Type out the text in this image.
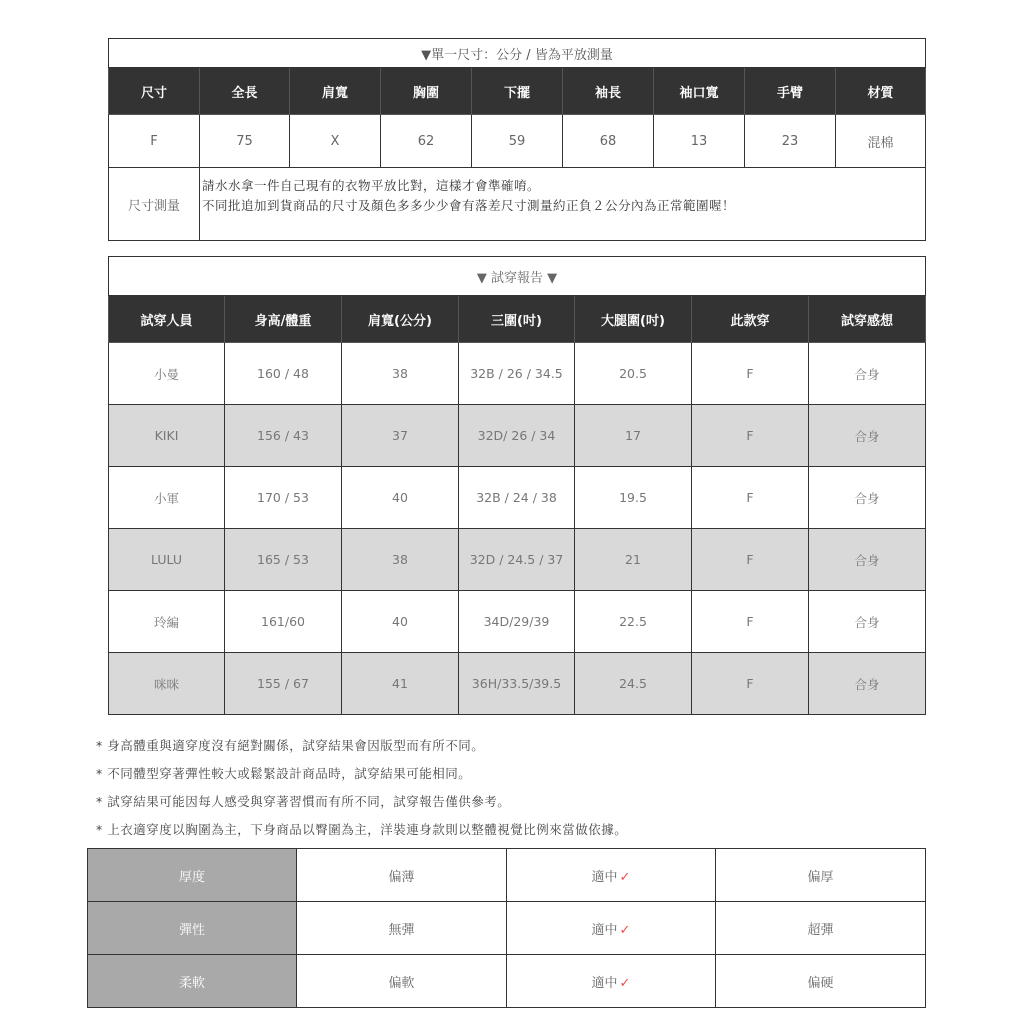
▼單一尺寸：公分 / 皆為平放測量								
尺寸	全長	肩寬	胸圍	下擺	袖長	袖口寬	手臂	材質
F	75	X	62	59	68	13	23	混棉
尺寸測量	請水水拿一件自己現有的衣物平放比對，這樣才會準確唷。
不同批追加到貨商品的尺寸及顏色多多少少會有落差尺寸測量約正負２公分內為正常範圍喔！							
▼ 試穿報告 ▼						
試穿人員	身高/體重	肩寬(公分)	三圍(吋)	大腿圍(吋)	此款穿	試穿感想
小曼	160 / 48	38	32B / 26 / 34.5	20.5	F	合身
KIKI	156 / 43	37	32D/ 26 / 34	17	F	合身
小軍	170 / 53	40	32B / 24 / 38	19.5	F	合身
LULU	165 / 53	38	32D / 24.5 / 37	21	F	合身
玲編	161/60	40	34D/29/39	22.5	F	合身
咪咪	155 / 67	41	36H/33.5/39.5	24.5	F	合身
* 身高體重與適穿度沒有絕對關係，試穿結果會因版型而有所不同。
* 不同體型穿著彈性較大或鬆緊設計商品時，試穿結果可能相同。
* 試穿結果可能因每人感受與穿著習慣而有所不同，試穿報告僅供參考。
* 上衣適穿度以胸圍為主，下身商品以臀圍為主，洋裝連身款則以整體視覺比例來當做依據。
厚度	偏薄	適中 ✓	偏厚
彈性	無彈	適中 ✓	超彈
柔軟	偏軟	適中 ✓	偏硬
